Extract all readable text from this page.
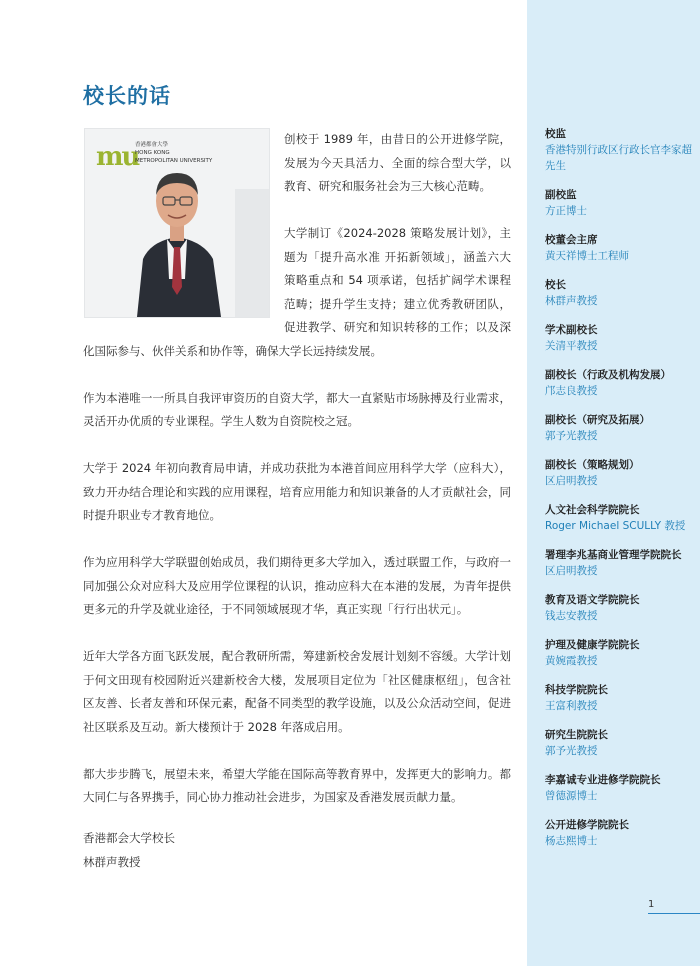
校长的话
mu
香港都會大學
HONG KONG
METROPOLITAN UNIVERSITY

创校于 1989 年，由昔日的公开进修学院，发展为今天具活力、全面的综合型大学，以教育、研究和服务社会为三大核心范畴。

大学制订《2024-2028 策略发展计划》，主题为「提升高水准 开拓新领域」，涵盖六大策略重点和 54 项承诺，包括扩阔学术课程范畴；提升学生支持；建立优秀教研团队，促进教学、研究和知识转移的工作；以及深化国际参与、伙伴关系和协作等，确保大学长远持续发展。

作为本港唯一一所具自我评审资历的自资大学，都大一直紧贴市场脉搏及行业需求，灵活开办优质的专业课程。学生人数为自资院校之冠。

大学于 2024 年初向教育局申请，并成功获批为本港首间应用科学大学（应科大），致力开办结合理论和实践的应用课程，培育应用能力和知识兼备的人才贡献社会，同时提升职业专才教育地位。

作为应用科学大学联盟创始成员，我们期待更多大学加入，透过联盟工作，与政府一同加强公众对应科大及应用学位课程的认识，推动应科大在本港的发展，为青年提供更多元的升学及就业途径，于不同领域展现才华，真正实现「行行出状元」。

近年大学各方面飞跃发展，配合教研所需，筹建新校舍发展计划刻不容缓。大学计划于何文田现有校园附近兴建新校舍大楼，发展项目定位为「社区健康枢纽」，包含社区友善、长者友善和环保元素，配备不同类型的教学设施，以及公众活动空间，促进社区联系及互动。新大楼预计于 2028 年落成启用。

都大步步腾飞，展望未来，希望大学能在国际高等教育界中，发挥更大的影响力。都大同仁与各界携手，同心协力推动社会进步，为国家及香港发展贡献力量。

香港都会大学校长
林群声教授
校监
香港特别行政区行政长官李家超先生
副校监
方正博士
校董会主席
黄天祥博士工程师
校长
林群声教授
学术副校长
关清平教授
副校长（行政及机构发展）
邝志良教授
副校长（研究及拓展）
郭予光教授
副校长（策略规划）
区启明教授
人文社会科学院院长
Roger Michael SCULLY 教授
署理李兆基商业管理学院院长
区启明教授
教育及语文学院院长
钱志安教授
护理及健康学院院长
黄婉霞教授
科技学院院长
王富利教授
研究生院院长
郭予光教授
李嘉诚专业进修学院院长
曾德源博士
公开进修学院院长
杨志熙博士
1
